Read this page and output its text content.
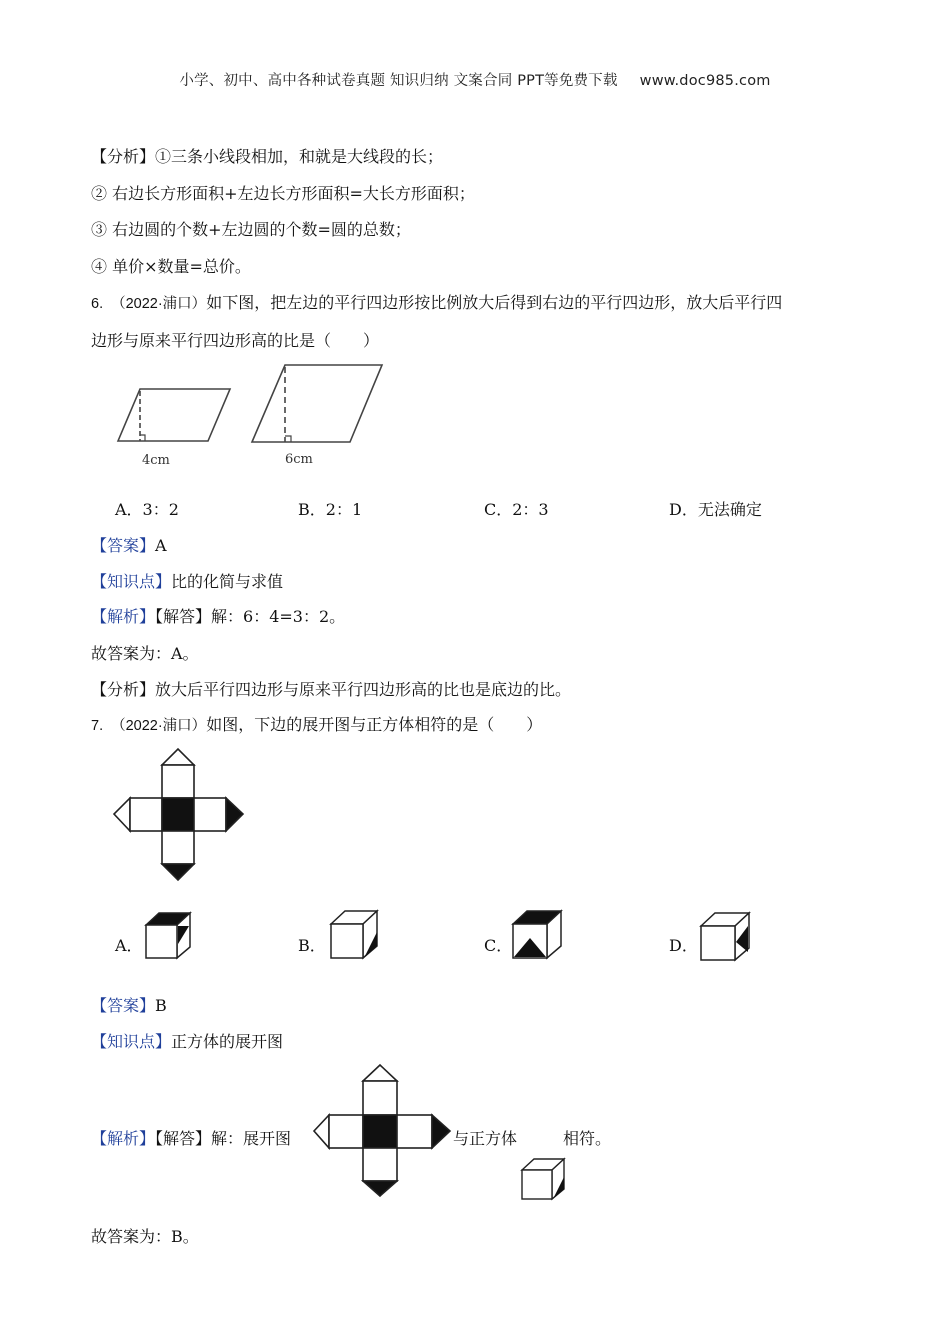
小学、初中、高中各种试卷真题 知识归纳 文案合同 PPT等免费下载 www.doc985.com
【分析】①三条小线段相加，和就是大线段的长；
② 右边长方形面积+左边长方形面积=大长方形面积；
③ 右边圆的个数+左边圆的个数=圆的总数；
④ 单价×数量=总价。
6. （2022·浦口）如下图，把左边的平行四边形按比例放大后得到右边的平行四边形，放大后平行四
边形与原来平行四边形高的比是（　　）
4cm	6cm
A．3：2	B．2：1	C．2：3	D．无法确定
【答案】A
【知识点】比的化简与求值
【解析】【解答】解：6：4=3：2。
故答案为：A。
【分析】放大后平行四边形与原来平行四边形高的比也是底边的比。
7. （2022·浦口）如图，下边的展开图与正方体相符的是（　　）
A．	B．	C．	D．
【答案】B
【知识点】正方体的展开图
【解析】【解答】解：展开图	与正方体	相符。
故答案为：B。
